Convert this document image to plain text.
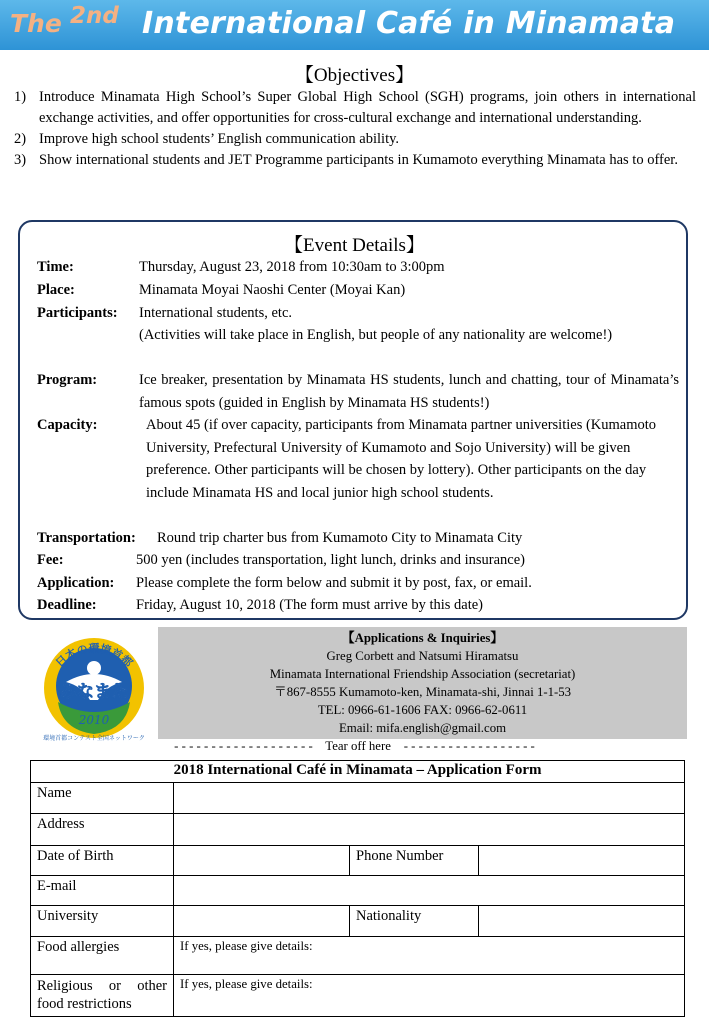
The 2nd International Café in Minamata
【Objectives】
1) Introduce Minamata High School’s Super Global High School (SGH) programs, join others in international exchange activities, and offer opportunities for cross-cultural exchange and international understanding.
2) Improve high school students’ English communication ability.
3) Show international students and JET Programme participants in Kumamoto everything Minamata has to offer.
【Event Details】
Time:	Thursday, August 23, 2018 from 10:30am to 3:00pm
Place:	Minamata Moyai Naoshi Center (Moyai Kan)
Participants: International students, etc.
(Activities will take place in English, but people of any nationality are welcome!)
Program:	Ice breaker, presentation by Minamata HS students, lunch and chatting, tour of Minamata’s famous spots (guided in English by Minamata HS students!)
Capacity:	About 45 (if over capacity, participants from Minamata partner universities (Kumamoto University, Prefectural University of Kumamoto and Sojo University) will be given preference. Other participants will be chosen by lottery). Other participants on the day include Minamata HS and local junior high school students.
Transportation: Round trip charter bus from Kumamoto City to Minamata City
Fee:	500 yen (includes transportation, light lunch, drinks and insurance)
Application: Please complete the form below and submit it by post, fax, or email.
Deadline:	Friday, August 10, 2018 (The form must arrive by this date)
日本の環境首都
みなまた
2010
環境首都コンテスト全国ネットワーク
【Applications & Inquiries】
Greg Corbett and Natsumi Hiramatsu
Minamata International Friendship Association (secretariat)
〒867-8555 Kumamoto-ken, Minamata-shi, Jinnai 1-1-53
TEL: 0966-61-1606 FAX: 0966-62-0611
Email: mifa.english@gmail.com
- - - - - - - - - - - - - - - - - - -    Tear off here    - - - - - - - - - - - - - - - - - -
2018 International Café in Minamata – Application Form			
Name			
Address			
Date of Birth		Phone Number	
E-mail			
University		Nationality	
Food allergies	If yes, please give details:		
Religious or other food restrictions	If yes, please give details:		
